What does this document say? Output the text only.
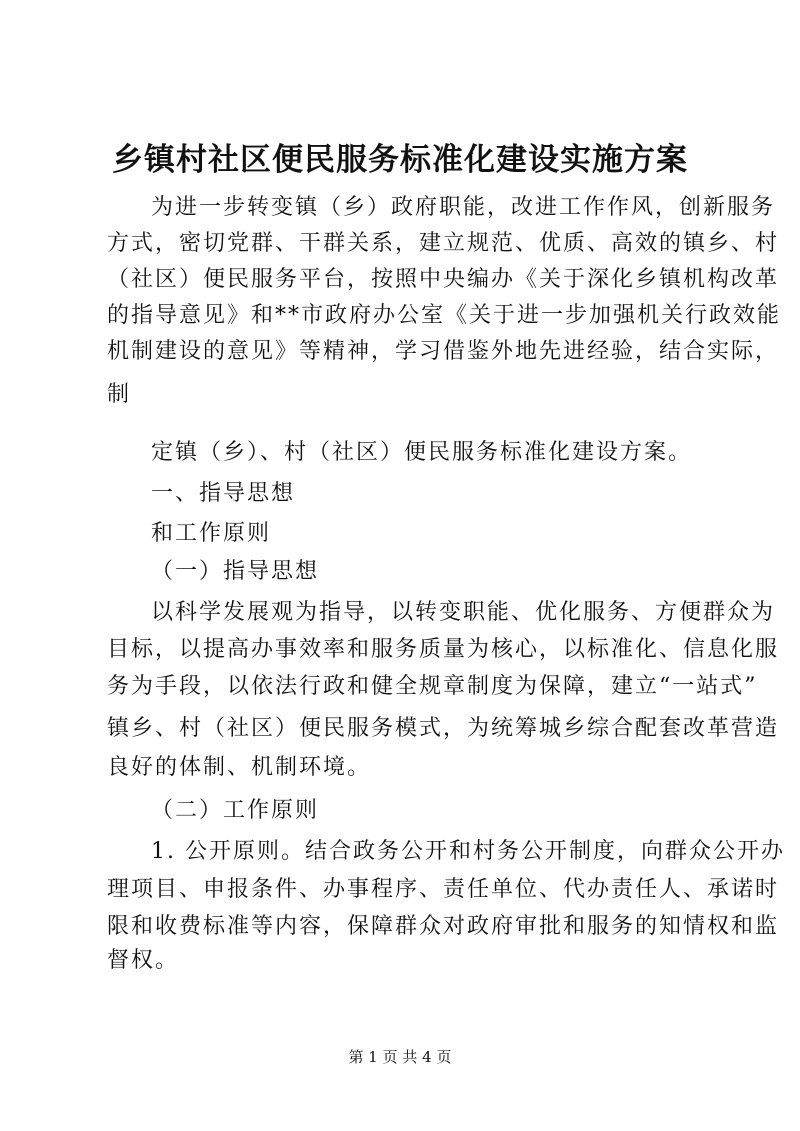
乡镇村社区便民服务标准化建设实施方案
为进一步转变镇（乡）政府职能，改进工作作风，创新服务
方式，密切党群、干群关系，建立规范、优质、高效的镇乡、村
（社区）便民服务平台，按照中央编办《关于深化乡镇机构改革
的指导意见》和**市政府办公室《关于进一步加强机关行政效能
机制建设的意见》等精神，学习借鉴外地先进经验，结合实际，
制
定镇（乡）、村（社区）便民服务标准化建设方案。
一、指导思想
和工作原则
（一）指导思想
以科学发展观为指导，以转变职能、优化服务、方便群众为
目标，以提高办事效率和服务质量为核心，以标准化、信息化服
务为手段，以依法行政和健全规章制度为保障，建立“一站式”
镇乡、村（社区）便民服务模式，为统筹城乡综合配套改革营造
良好的体制、机制环境。
（二）工作原则
1. 公开原则。结合政务公开和村务公开制度，向群众公开办
理项目、申报条件、办事程序、责任单位、代办责任人、承诺时
限和收费标准等内容，保障群众对政府审批和服务的知情权和监
督权。
第 1 页 共 4 页
